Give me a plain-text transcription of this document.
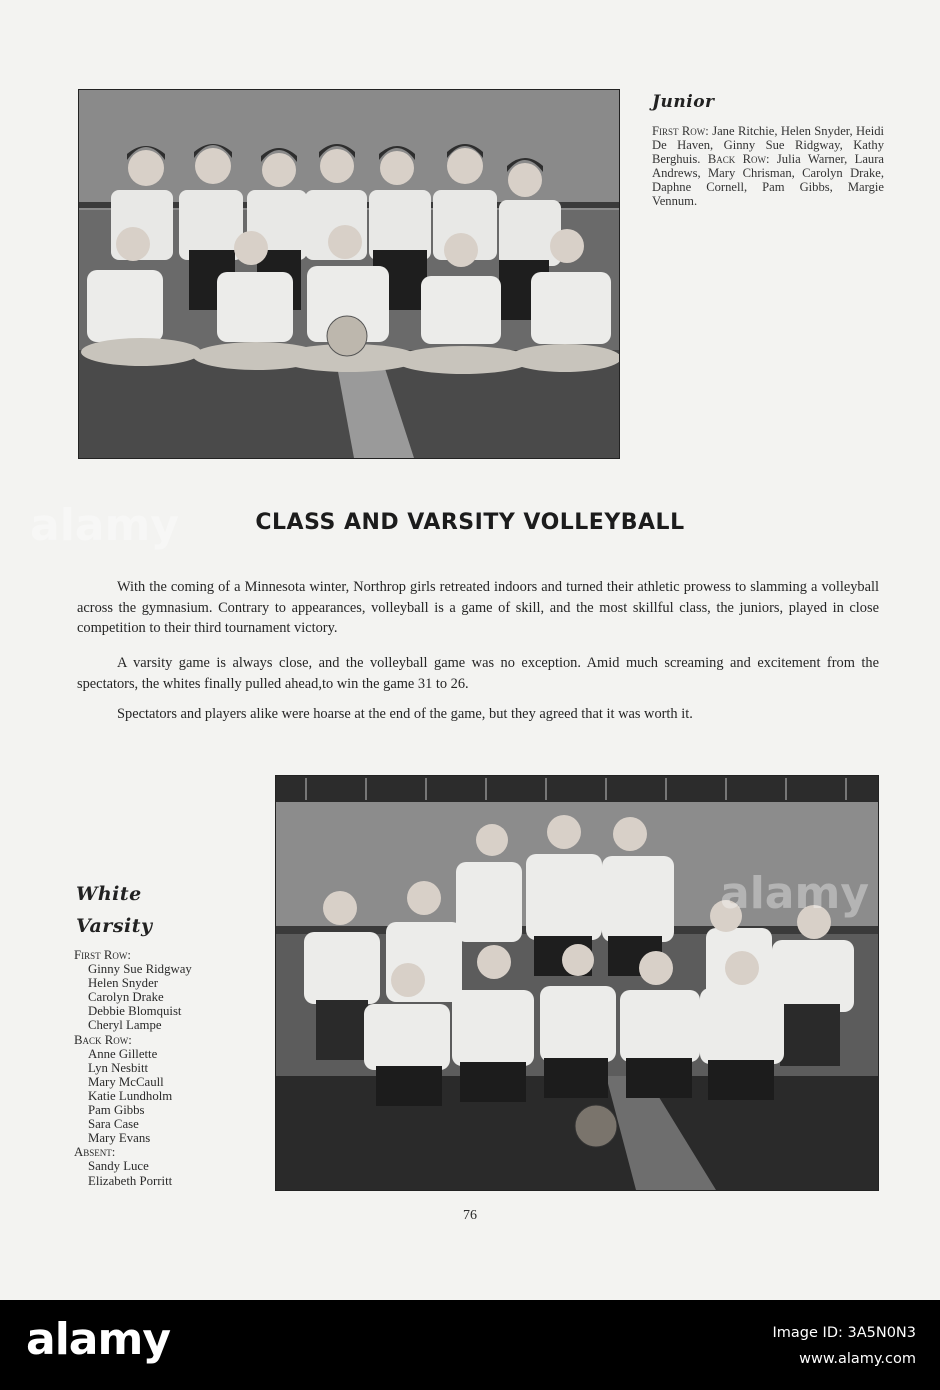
Junior
First Row: Jane Ritchie, Helen Snyder, Heidi De Haven, Ginny Sue Ridgway, Kathy Berghuis. Back Row: Julia Warner, Laura Andrews, Mary Chrisman, Carolyn Drake, Daphne Cornell, Pam Gibbs, Margie Vennum.
CLASS AND VARSITY VOLLEYBALL

With the coming of a Minnesota winter, Northrop girls retreated indoors and turned their athletic prowess to slamming a volleyball across the gymnasium. Contrary to appearances, volleyball is a game of skill, and the most skillful class, the juniors, played in close competition to their third tournament victory.

A varsity game is always close, and the volleyball game was no exception. Amid much screaming and excitement from the spectators, the whites finally pulled ahead,to win the game 31 to 26.

Spectators and players alike were hoarse at the end of the game, but they agreed that it was worth it.

White
Varsity
First Row:
Ginny Sue Ridgway
Helen Snyder
Carolyn Drake
Debbie Blomquist
Cheryl Lampe
Back Row:
Anne Gillette
Lyn Nesbitt
Mary McCaull
Katie Lundholm
Pam Gibbs
Sara Case
Mary Evans
Absent:
Sandy Luce
Elizabeth Porritt
76
alamy
alamy
alamy	Image ID: 3A5N0N3
www.alamy.com
